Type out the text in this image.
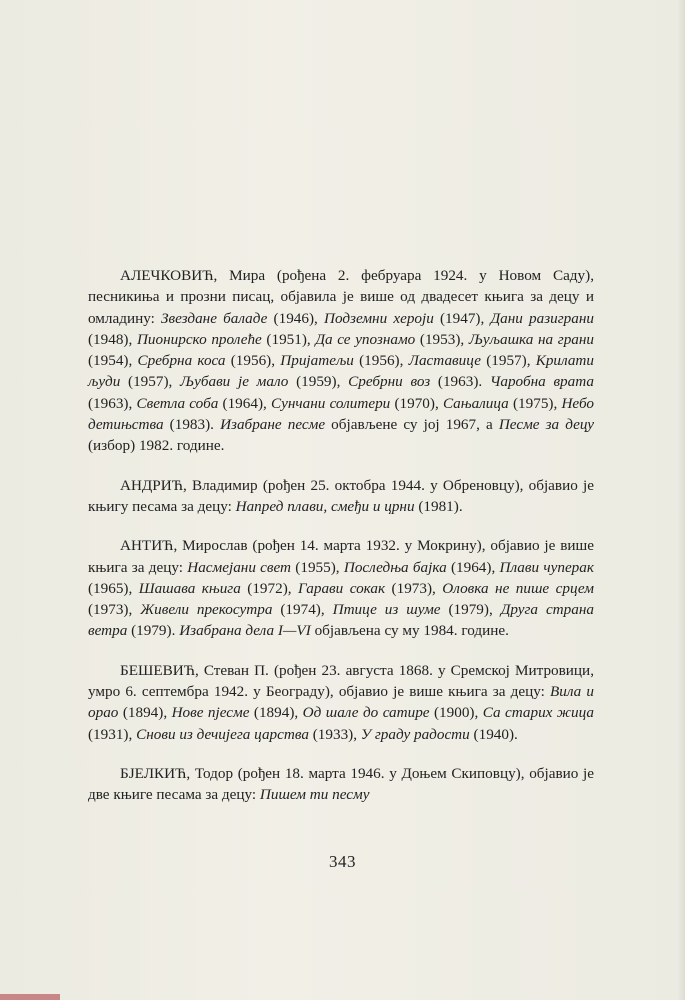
АЛЕЧКОВИЋ, Мира (рођена 2. фебруара 1924. у Новом Саду), песникиња и прозни писац, објавила је више од двадесет књига за децу и омладину: Звездане баладе (1946), Подземни хероји (1947), Дани разиграни (1948), Пионирско пролеће (1951), Да се упознамо (1953), Љуљашка на грани (1954), Сребрна коса (1956), Пријатељи (1956), Ластавице (1957), Крилати људи (1957), Љубави је мало (1959), Сребрни воз (1963). Чаробна врата (1963), Светла соба (1964), Сунчани солитери (1970), Сањалица (1975), Небо детињства (1983). Изабране песме објављене су јој 1967, а Песме за децу (избор) 1982. године.

АНДРИЋ, Владимир (рођен 25. октобра 1944. у Обреновцу), објавио је књигу песама за децу: Напред плави, смеђи и црни (1981).

АНТИЋ, Мирослав (рођен 14. марта 1932. у Мокрину), објавио је више књига за децу: Насмејани свет (1955), Последња бајка (1964), Плави чуперак (1965), Шашава књига (1972), Гарави сокак (1973), Оловка не пише срцем (1973), Живели прекосутра (1974), Птице из шуме (1979), Друга страна ветра (1979). Изабрана дела I—VI објављена су му 1984. године.

БЕШЕВИЋ, Стеван П. (рођен 23. августа 1868. у Сремској Митровици, умро 6. септембра 1942. у Београду), објавио је више књига за децу: Вила и орао (1894), Нове пјесме (1894), Од шале до сатире (1900), Са старих жица (1931), Снови из дечијега царства (1933), У граду радости (1940).

БЈЕЛКИЋ, Тодор (рођен 18. марта 1946. у Доњем Скиповцу), објавио је две књиге песама за децу: Пишем ти песму

343
